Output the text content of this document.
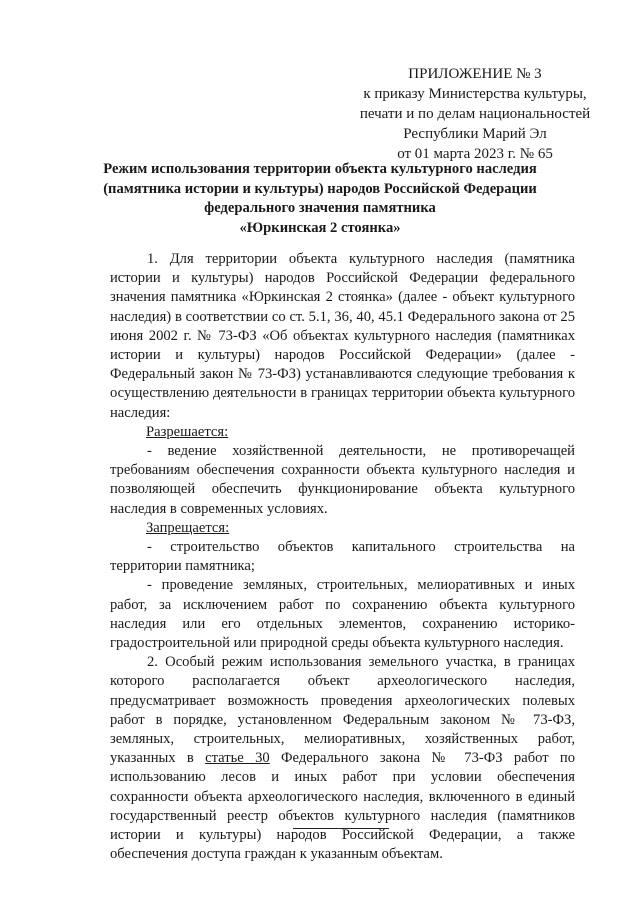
ПРИЛОЖЕНИЕ № 3
к приказу Министерства культуры,
печати и по делам национальностей
Республики Марий Эл
от 01 марта 2023 г. № 65
Режим использования территории объекта культурного наследия
(памятника истории и культуры) народов Российской Федерации
федерального значения памятника
«Юркинская 2 стоянка»

1. Для территории объекта культурного наследия (памятника истории и культуры) народов Российской Федерации федерального значения памятника «Юркинская 2 стоянка» (далее - объект культурного наследия) в соответствии со ст. 5.1, 36, 40, 45.1 Федерального закона от 25 июня 2002 г. № 73-ФЗ «Об объектах культурного наследия (памятниках истории и культуры) народов Российской Федерации» (далее - Федеральный закон № 73-ФЗ) устанавливаются следующие требования к осуществлению деятельности в границах территории объекта культурного наследия:

Разрешается:

- ведение хозяйственной деятельности, не противоречащей требованиям обеспечения сохранности объекта культурного наследия и позволяющей обеспечить функционирование объекта культурного наследия в современных условиях.

Запрещается:

- строительство объектов капитального строительства на территории памятника;

- проведение земляных, строительных, мелиоративных и иных работ, за исключением работ по сохранению объекта культурного наследия или его отдельных элементов, сохранению историко-градостроительной или природной среды объекта культурного наследия.

2. Особый режим использования земельного участка, в границах которого располагается объект археологического наследия, предусматривает возможность проведения археологических полевых работ в порядке, установленном Федеральным законом № 73-ФЗ, земляных, строительных, мелиоративных, хозяйственных работ, указанных в статье 30 Федерального закона № 73-ФЗ работ по использованию лесов и иных работ при условии обеспечения сохранности объекта археологического наследия, включенного в единый государственный реестр объектов культурного наследия (памятников истории и культуры) народов Российской Федерации, а также обеспечения доступа граждан к указанным объектам.
